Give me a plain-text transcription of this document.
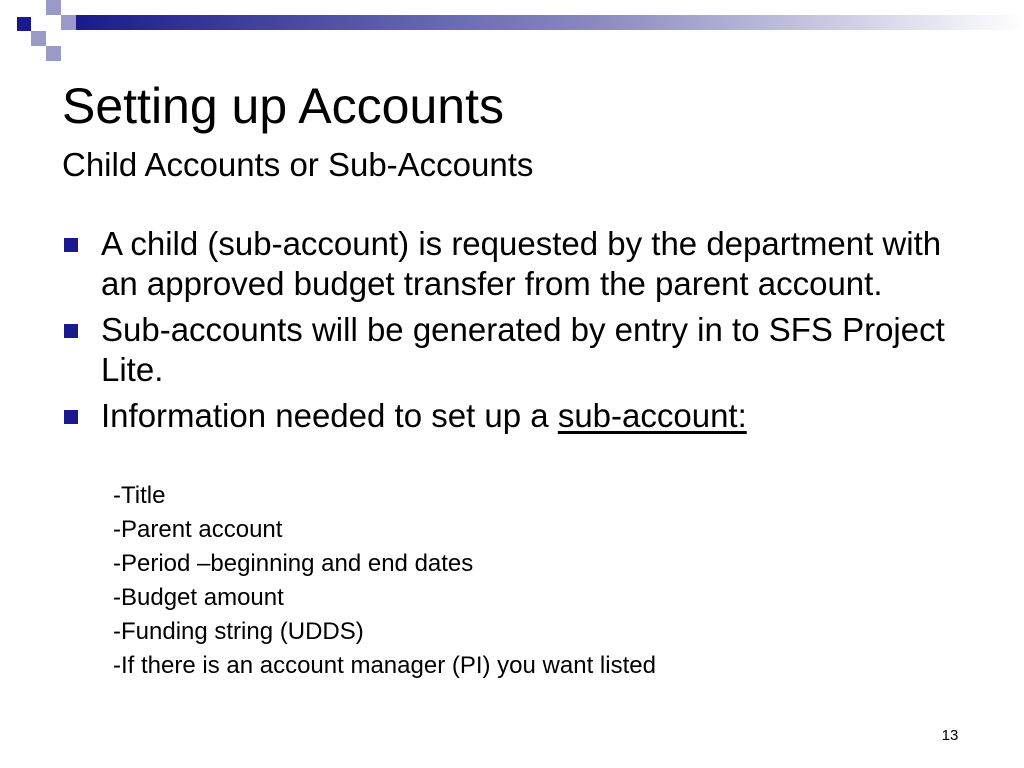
Setting up Accounts
Child Accounts or Sub-Accounts
A child (sub-account) is requested by the department with an approved budget transfer from the parent account.
Sub-accounts will be generated by entry in to SFS Project Lite.
Information needed to set up a sub-account:
-Title
-Parent account
-Period –beginning and end dates
-Budget amount
-Funding string (UDDS)
-If there is an account manager (PI) you want listed
13
